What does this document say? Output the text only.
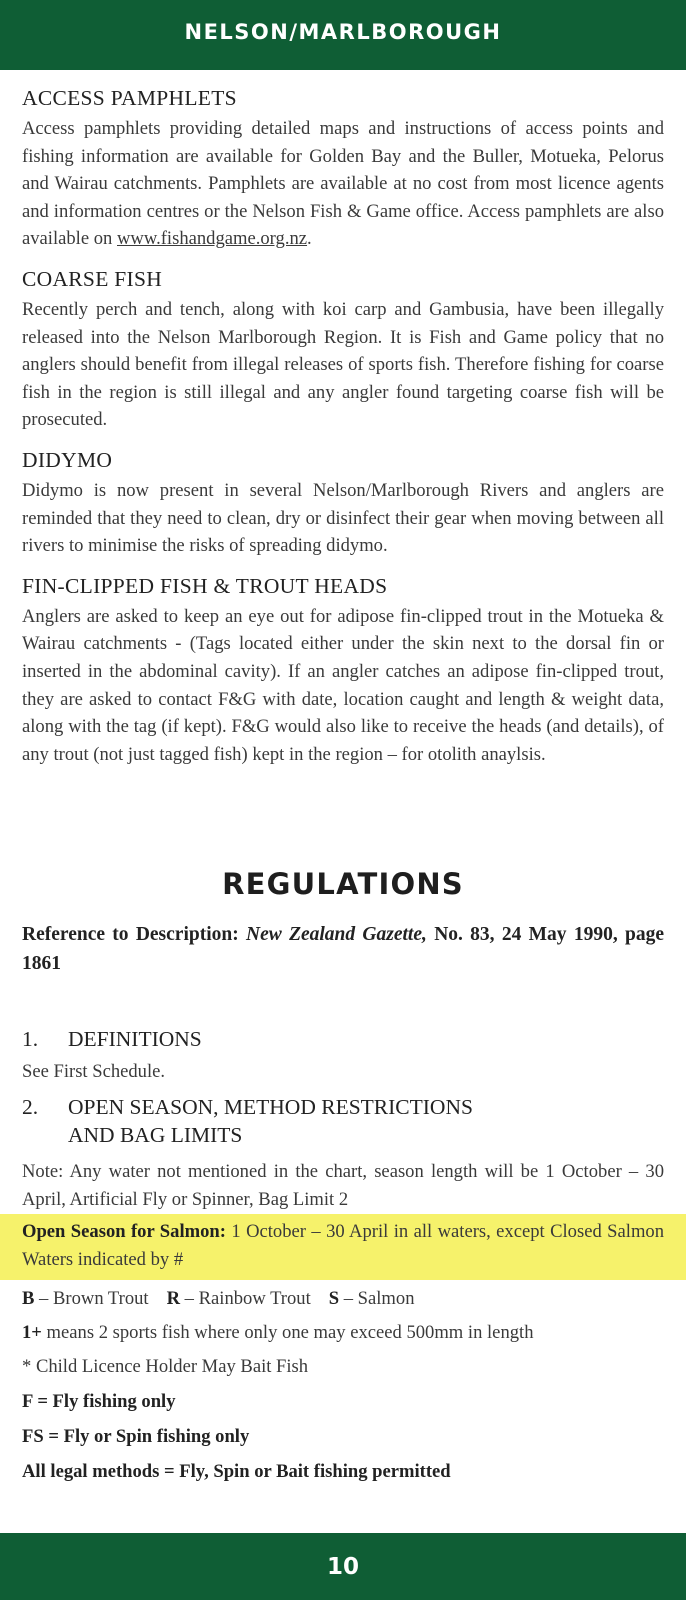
NELSON/MARLBOROUGH
ACCESS PAMPHLETS

Access pamphlets providing detailed maps and instructions of access points and fishing information are available for Golden Bay and the Buller, Motueka, Pelorus and Wairau catchments. Pamphlets are available at no cost from most licence agents and information centres or the Nelson Fish & Game office. Access pamphlets are also available on www.fishandgame.org.nz.

COARSE FISH

Recently perch and tench, along with koi carp and Gambusia, have been illegally released into the Nelson Marlborough Region. It is Fish and Game policy that no anglers should benefit from illegal releases of sports fish. Therefore fishing for coarse fish in the region is still illegal and any angler found targeting coarse fish will be prosecuted.

DIDYMO

Didymo is now present in several Nelson/Marlborough Rivers and anglers are reminded that they need to clean, dry or disinfect their gear when moving between all rivers to minimise the risks of spreading didymo.

FIN-CLIPPED FISH & TROUT HEADS

Anglers are asked to keep an eye out for adipose fin-clipped trout in the Motueka & Wairau catchments - (Tags located either under the skin next to the dorsal fin or inserted in the abdominal cavity). If an angler catches an adipose fin-clipped trout, they are asked to contact F&G with date, location caught and length & weight data, along with the tag (if kept). F&G would also like to receive the heads (and details), of any trout (not just tagged fish) kept in the region – for otolith anaylsis.

REGULATIONS
Reference to Description: New Zealand Gazette, No. 83, 24 May 1990, page 1861
1. DEFINITIONS
See First Schedule.
2. OPEN SEASON, METHOD RESTRICTIONS
AND BAG LIMITS
Note: Any water not mentioned in the chart, season length will be 1 October – 30 April, Artificial Fly or Spinner, Bag Limit 2
Open Season for Salmon: 1 October – 30 April in all waters, except Closed Salmon Waters indicated by #
B – Brown Trout R – Rainbow Trout S – Salmon
1+ means 2 sports fish where only one may exceed 500mm in length
* Child Licence Holder May Bait Fish
F = Fly fishing only
FS = Fly or Spin fishing only
All legal methods = Fly, Spin or Bait fishing permitted
10
